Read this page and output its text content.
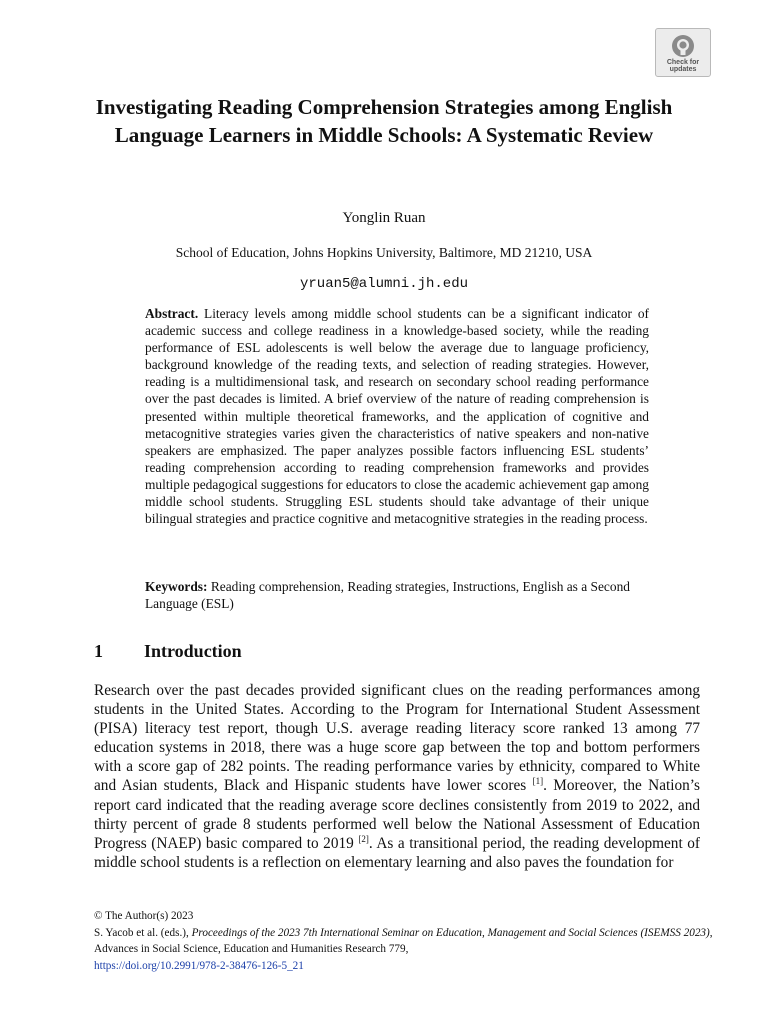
Check for
updates
Investigating Reading Comprehension Strategies among English Language Learners in Middle Schools: A Systematic Review
Yonglin Ruan
School of Education, Johns Hopkins University, Baltimore, MD 21210, USA
yruan5@alumni.jh.edu

Abstract. Literacy levels among middle school students can be a significant indicator of academic success and college readiness in a knowledge-based society, while the reading performance of ESL adolescents is well below the average due to language proficiency, background knowledge of the reading texts, and selection of reading strategies. However, reading is a multidimensional task, and research on secondary school reading performance over the past decades is limited. A brief overview of the nature of reading comprehension is presented within multiple theoretical frameworks, and the application of cognitive and metacognitive strategies varies given the characteristics of native speakers and non-native speakers are emphasized. The paper analyzes possible factors influencing ESL students’ reading comprehension according to reading comprehension frameworks and provides multiple pedagogical suggestions for educators to close the academic achievement gap among middle school students. Struggling ESL students should take advantage of their unique bilingual strategies and practice cognitive and metacognitive strategies in the reading process.

Keywords: Reading comprehension, Reading strategies, Instructions, English as a Second Language (ESL)

1 Introduction

Research over the past decades provided significant clues on the reading performances among students in the United States. According to the Program for International Student Assessment (PISA) literacy test report, though U.S. average reading literacy score ranked 13 among 77 education systems in 2018, there was a huge score gap between the top and bottom performers with a score gap of 282 points. The reading performance varies by ethnicity, compared to White and Asian students, Black and Hispanic students have lower scores [1]. Moreover, the Nation’s report card indicated that the reading average score declines consistently from 2019 to 2022, and thirty percent of grade 8 students performed well below the National Assessment of Education Progress (NAEP) basic compared to 2019 [2]. As a transitional period, the reading development of middle school students is a reflection on elementary learning and also paves the foundation for

© The Author(s) 2023
S. Yacob et al. (eds.), Proceedings of the 2023 7th International Seminar on Education, Management and Social Sciences (ISEMSS 2023), Advances in Social Science, Education and Humanities Research 779,
https://doi.org/10.2991/978-2-38476-126-5_21
